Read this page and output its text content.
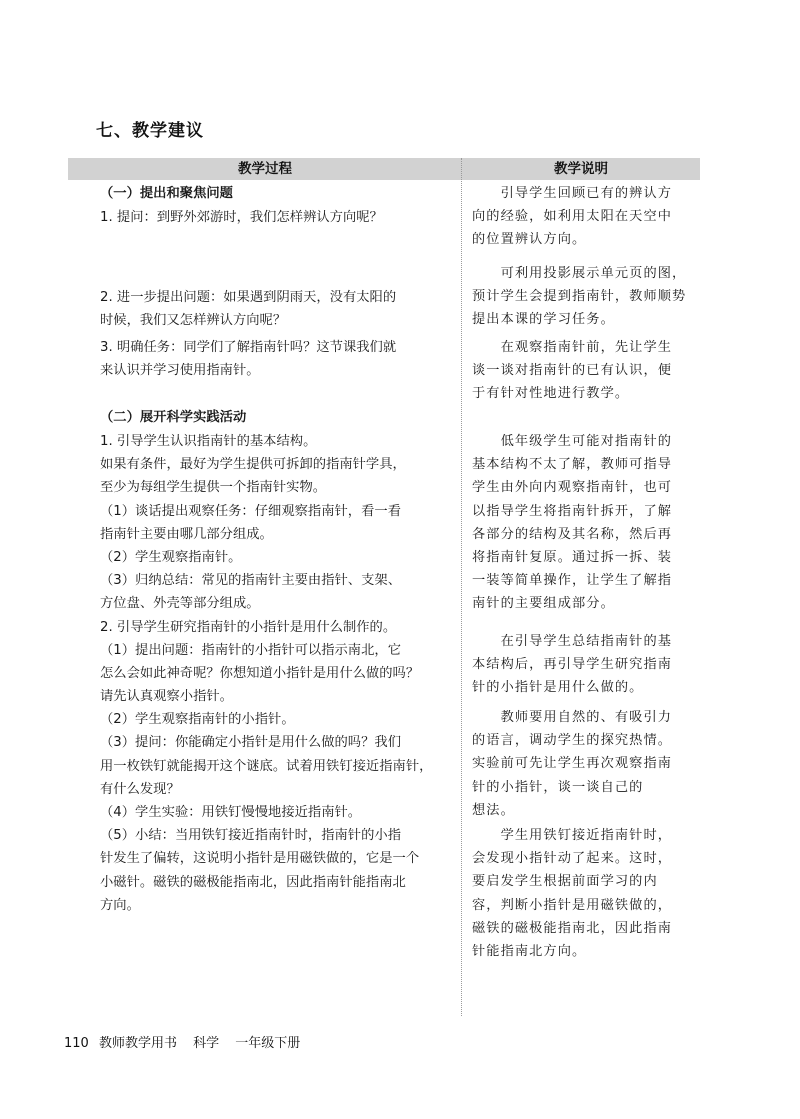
七、教学建议
教学过程	教学说明
（一）提出和聚焦问题
1. 提问：到野外郊游时，我们怎样辨认方向呢？
2. 进一步提出问题：如果遇到阴雨天，没有太阳的
时候，我们又怎样辨认方向呢？
3. 明确任务：同学们了解指南针吗？这节课我们就
来认识并学习使用指南针。
（二）展开科学实践活动
1. 引导学生认识指南针的基本结构。
如果有条件，最好为学生提供可拆卸的指南针学具，
至少为每组学生提供一个指南针实物。
（1）谈话提出观察任务：仔细观察指南针，看一看
指南针主要由哪几部分组成。
（2）学生观察指南针。
（3）归纳总结：常见的指南针主要由指针、支架、
方位盘、外壳等部分组成。
2. 引导学生研究指南针的小指针是用什么制作的。
（1）提出问题：指南针的小指针可以指示南北，它
怎么会如此神奇呢？你想知道小指针是用什么做的吗？
请先认真观察小指针。
（2）学生观察指南针的小指针。
（3）提问：你能确定小指针是用什么做的吗？我们
用一枚铁钉就能揭开这个谜底。试着用铁钉接近指南针，
有什么发现？
（4）学生实验：用铁钉慢慢地接近指南针。
（5）小结：当用铁钉接近指南针时，指南针的小指
针发生了偏转，这说明小指针是用磁铁做的，它是一个
小磁针。磁铁的磁极能指南北，因此指南针能指南北
方向。
　　引导学生回顾已有的辨认方
向的经验，如利用太阳在天空中
的位置辨认方向。
　　可利用投影展示单元页的图，
预计学生会提到指南针，教师顺势
提出本课的学习任务。
　　在观察指南针前，先让学生
谈一谈对指南针的已有认识，便
于有针对性地进行教学。
　　低年级学生可能对指南针的
基本结构不太了解，教师可指导
学生由外向内观察指南针，也可
以指导学生将指南针拆开，了解
各部分的结构及其名称，然后再
将指南针复原。通过拆一拆、装
一装等简单操作，让学生了解指
南针的主要组成部分。
　　在引导学生总结指南针的基
本结构后，再引导学生研究指南
针的小指针是用什么做的。
　　教师要用自然的、有吸引力
的语言，调动学生的探究热情。
实验前可先让学生再次观察指南
针的小指针，谈一谈自己的
想法。
　　学生用铁钉接近指南针时，
会发现小指针动了起来。这时，
要启发学生根据前面学习的内
容，判断小指针是用磁铁做的，
磁铁的磁极能指南北，因此指南
针能指南北方向。
110 教师教学用书 科学 一年级下册
